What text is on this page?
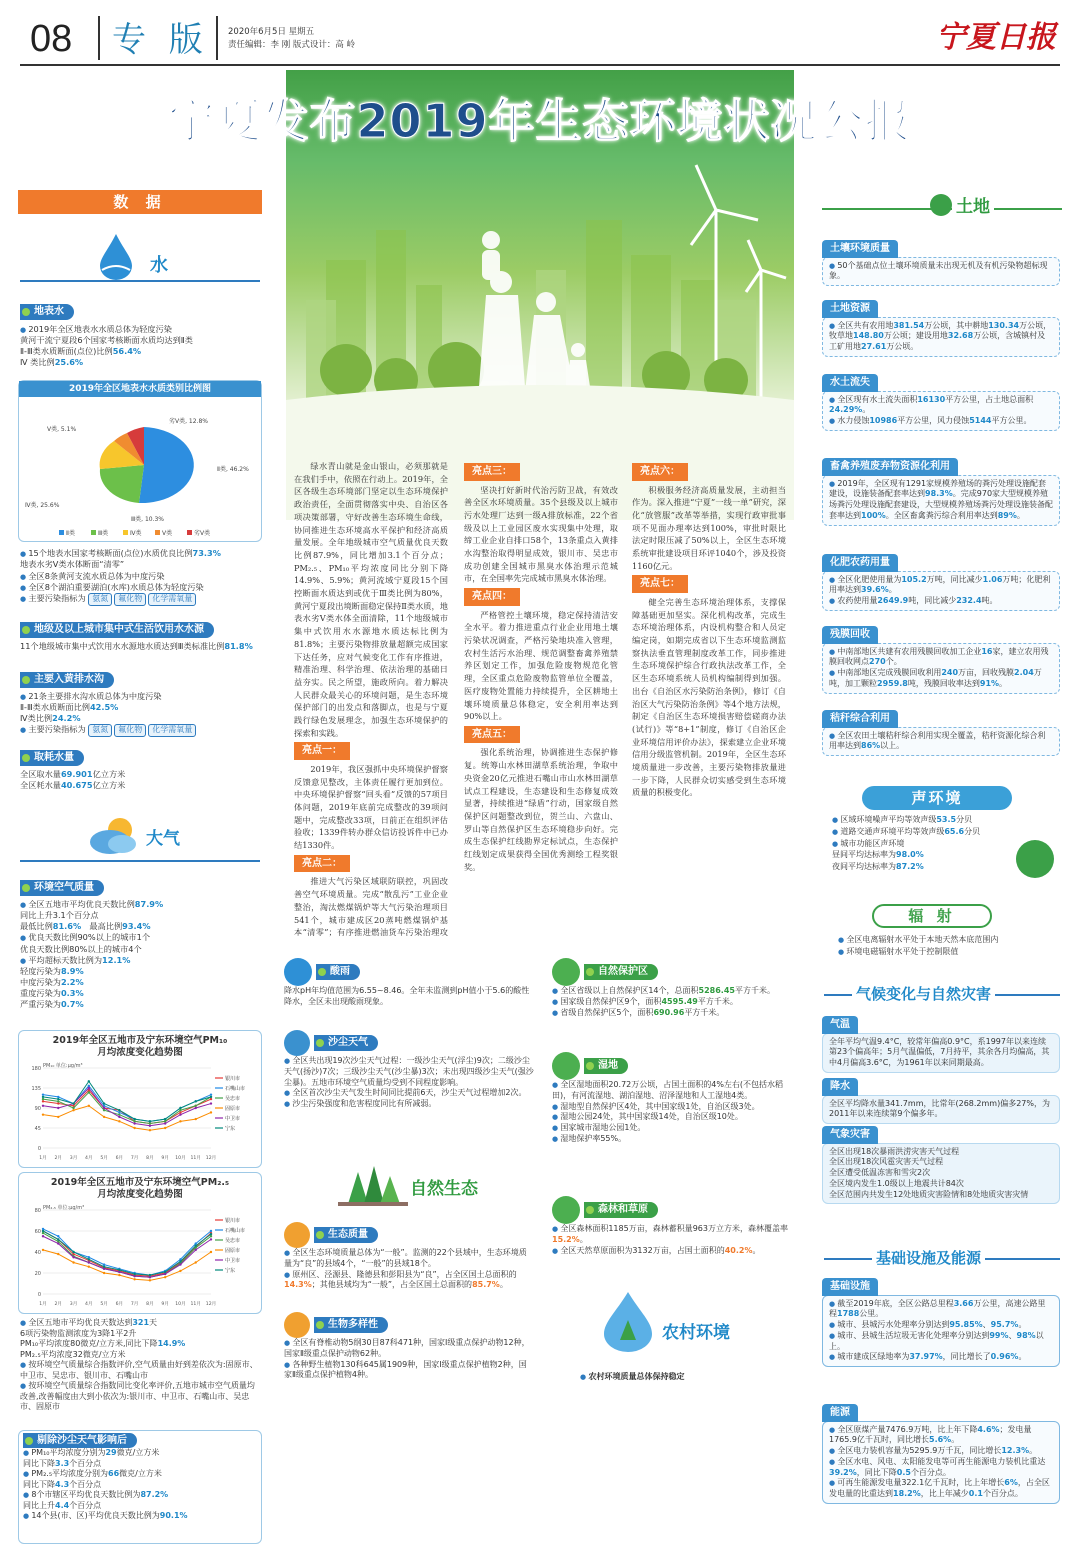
08 专 版 2020年6月5日 星期五
责任编辑：李 刚 版式设计：高 岭	宁夏日报
宁夏发布2019年生态环境状况公报
数 据
水
地表水
● 2019年全区地表水水质总体为轻度污染
黄河干流宁夏段6个国家考核断面水质均达到Ⅱ类
Ⅱ-Ⅲ类水质断面(点位)比例56.4%
Ⅳ 类比例25.6%
2019年全区地表水水质类别比例图
Ⅱ类, 46.2%
Ⅳ类, 25.6%
Ⅲ类, 10.3%
Ⅴ类, 5.1%
劣Ⅴ类, 12.8%
Ⅱ类	Ⅲ类	Ⅳ类	Ⅴ类	劣Ⅴ类
● 15个地表水国家考核断面(点位)水质优良比例73.3%
地表水劣Ⅴ类水体断面“清零”
● 全区8条黄河支流水质总体为中度污染
● 全区8个湖泊重要湖泊(水库)水质总体为轻度污染
● 主要污染指标为 氨氮 氟化物 化学需氧量
地级及以上城市集中式生活饮用水水源
11个地级城市集中式饮用水水源地水质达到Ⅲ类标准比例81.8%
主要入黄排水沟
● 21条主要排水沟水质总体为中度污染
Ⅱ-Ⅲ类水质断面比例42.5%
Ⅳ类比例24.2%
● 主要污染指标为 氨氮 氟化物 化学需氧量
取耗水量
全区取水量69.901亿立方米
全区耗水量40.675亿立方米
大气
环境空气质量
● 全区五地市平均优良天数比例87.9%
同比上升3.1个百分点
最低比例81.6%　 最高比例93.4%
● 优良天数比例90%以上的城市1个
优良天数比例80%以上的城市4个
● 平均超标天数比例为12.1%
轻度污染为8.9%
中度污染为2.2%
重度污染为0.3%
严重污染为0.7%
2019年全区五地市及宁东环境空气PM₁₀
月均浓度变化趋势图
PM₁₀ 单位:μg/m³
0
45
90
135
180
1月 2月 3月 4月 5月 6月 7月 8月 9月 10月 11月 12月
银川市
石嘴山市
吴忠市
固原市
中卫市
宁东
2019年全区五地市及宁东环境空气PM₂.₅
月均浓度变化趋势图
PM₂.₅ 单位:μg/m³
0
20
40
60
80
1月 2月 3月 4月 5月 6月 7月 8月 9月 10月 11月 12月
银川市
石嘴山市
吴忠市
固原市
中卫市
宁东
● 全区五地市平均优良天数达到321天
6项污染物监测浓度为3降1平2升
PM₁₀平均浓度80微克/立方米,同比下降14.9%
PM₂.₅平均浓度32微克/立方米
● 按环境空气质量综合指数评价,空气质量由好到差依次为:固原市、中卫市、吴忠市、银川市、石嘴山市
● 按环境空气质量综合指数同比变化率评价,五地市城市空气质量均改善,改善幅度由大到小依次为:银川市、中卫市、石嘴山市、吴忠市、固原市
剔除沙尘天气影响后
● PM₁₀平均浓度分别为29微克/立方米
同比下降3.3个百分点
● PM₂.₅平均浓度分别为66微克/立方米
同比下降4.3个百分点
● 8个市辖区平均优良天数比例为87.2%
同比上升4.4个百分点
● 14个县(市、区)平均优良天数比例为90.1%
绿水青山就是金山银山，必须那就是在我们手中，依照在行动上。2019年，全区各级生态环境部门坚定以生态环境保护政治责任，全面贯彻落实中央、自治区各项决策部署，守好改善生态环境生命线，协同推进生态环境高水平保护和经济高质量发展。全年地级城市空气质量优良天数比例87.9%，同比增加3.1个百分点；PM₂.₅、PM₁₀平均浓度同比分别下降14.9%、5.9%；黄河流域宁夏段15个国控断面水质达到或优于Ⅲ类比例为80%，黄河宁夏段出境断面稳定保持Ⅱ类水质，地表水劣Ⅴ类水体全面清除，11个地级城市集中式饮用水水源地水质达标比例为81.8%；主要污染物排放量超额完成国家下达任务，应对气候变化工作有序推进，精准治理、科学治理、依法治理的基础日益夯实。民之所望，施政所向。着力解决人民群众最关心的环境问题，是生态环境保护部门的出发点和落脚点，也是与宁夏践行绿色发展理念，加强生态环境保护的探索和实践。
亮点一：
2019年，我区强抓中央环境保护督察反馈意见整改，主体责任履行更加到位。中央环境保护督察“回头看”反馈的57项目体问题，2019年底前完成整改的39项问题中，完成整改33项，日前正在组织评估验收；1339件转办群众信访投诉件中已办结1330件。
亮点二：
推进大气污染区域联防联控，巩固改善空气环境质量。完成“散乱污”工业企业整治，淘汰燃煤锅炉等大气污染治理项目541个，城市建成区20蒸吨燃煤锅炉基本“清零”；有序推进燃油货车污染治理攻
亮点三：
坚决打好新时代治污防卫战，有效改善全区水环境质量。35个县级及以上城市污水处理厂达到一级A排放标准，22个省级及以上工业园区废水实现集中处理，取缔工业企业自排口58个，13条重点入黄排水沟整治取得明显成效，银川市、吴忠市成功创建全国城市黑臭水体治理示范城市，在全国率先完成城市黑臭水体治理。
亮点四：
严格管控土壤环境，稳定保持清洁安全水平。着力推进重点行业企业用地土壤污染状况调查，严格污染地块准入管理，农村生活污水治理、规范调整畜禽养殖禁养区划定工作，加强危险废物规范化管理，全区重点危险废物监管单位全覆盖，医疗废物处置能力持续提升，全区耕地土壤环境质量总体稳定，安全利用率达到90%以上。
亮点五：
强化系统治理，协调推进生态保护修复。统筹山水林田湖草系统治理，争取中央资金20亿元推进石嘴山市山水林田湖草试点工程建设，生态建设和生态修复成效显著，持续推进“绿盾”行动，国家级自然保护区问题整改到位，贺兰山、六盘山、罗山等自然保护区生态环境稳步向好。完成生态保护红线勘界定标试点，生态保护红线划定成果获得全国优秀测绘工程奖银奖。
亮点六：
积极服务经济高质量发展，主动担当作为。深入推进“宁夏”一线一单”研究，深化“放管服”改革等举措，实现行政审批事项不见面办理率达到100%，审批时限比法定时限压减了50%以上，全区生态环境系统审批建设项目环评1040个，涉及投资1160亿元。
亮点七：
健全完善生态环境治理体系，支撑保障基础更加坚实。深化机构改革，完成生态环境治理体系，内设机构整合和人员定编定岗，如期完成省以下生态环境监测监察执法垂直管理制度改革工作，同步推进生态环境保护综合行政执法改革工作，全区生态环境系统人员机构编制得到加强。出台《自治区水污染防治条例》，修订《自治区大气污染防治条例》等4个地方法规，制定《自治区生态环境损害赔偿磋商办法(试行)》等“8+1”制度，修订《自治区企业环境信用评价办法》，探索建立企业环境信用分级监管机制。2019年，全区生态环境质量进一步改善，主要污染物排放量进一步下降，人民群众切实感受到生态环境质量的积极变化。
酸雨
降水pH年均值范围为6.55~8.46。全年未监测到pH值小于5.6的酸性降水，全区未出现酸雨现象。
沙尘天气
● 全区共出现19次沙尘天气过程：一级沙尘天气(浮尘)9次；二级沙尘天气(扬沙)7次；三级沙尘天气(沙尘暴)3次；未出现四级沙尘天气(强沙尘暴)。五地市环境空气质量均受到不同程度影响。
● 全区首次沙尘天气发生时间同比提前6天，沙尘天气过程增加2次。
● 沙尘污染强度和危害程度同比有所减弱。
自然生态
生态质量
● 全区生态环境质量总体为“一般”。监测的22个县域中，生态环境质量为“良”的县域4个，“一般”的县域18个。
● 原州区、泾源县、隆德县和彭阳县为“良”，占全区国土总面积的14.3%；其他县域均为“一般”，占全区国土总面积的85.7%。
生物多样性
● 全区有脊椎动物5纲30目87科471种，国家Ⅰ级重点保护动物12种，国家Ⅱ级重点保护动物62种。
● 各种野生植物130科645属1909种，国家Ⅰ级重点保护植物2种，国家Ⅱ级重点保护植物4种。
自然保护区
● 全区省级以上自然保护区14个，总面积5286.45平方千米。
● 国家级自然保护区9个，面积4595.49平方千米。
● 省级自然保护区5个，面积690.96平方千米。
湿地
● 全区湿地面积20.72万公顷，占国土面积的4%左右(不包括水稻田)，有河流湿地、湖泊湿地、沼泽湿地和人工湿地4类。
● 湿地型自然保护区4处，其中国家级1处，自治区级3处。
● 湿地公园24处，其中国家级14处，自治区级10处。
● 国家城市湿地公园1处。
● 湿地保护率55%。
森林和草原
● 全区森林面积1185万亩，森林蓄积量963万立方米，森林覆盖率15.2%。
● 全区天然草原面积为3132万亩，占国土面积的40.2%。
农村环境
● 农村环境质量总体保持稳定
土地
土壤环境质量
● 50个基础点位土壤环境质量未出现无机及有机污染物超标现象。
土地资源
● 全区共有农用地381.54万公顷，其中耕地130.34万公顷，牧草地148.80万公顷；建设用地32.68万公顷，含城镇村及工矿用地27.61万公顷。
水土流失
● 全区现有水土流失面积16130平方公里，占土地总面积24.29%。
● 水力侵蚀10986平方公里，风力侵蚀5144平方公里。
畜禽养殖废弃物资源化利用
● 2019年，全区现有1291家规模养殖场的粪污处理设施配套建设，设施装备配套率达到98.3%。完成970家大型规模养殖场粪污处理设施配套建设，大型规模养殖场粪污处理设施装备配套率达到100%。全区畜禽粪污综合利用率达到89%。
化肥农药用量
● 全区化肥使用量为105.2万吨，同比减少1.06万吨；化肥利用率达到39.6%。
● 农药使用量2649.9吨，同比减少232.4吨。
残膜回收
● 中南部地区共建有农用残膜回收加工企业16家，建立农用残膜回收网点270个。
● 中南部地区完成残膜回收利用240万亩，回收残膜2.04万吨，加工颗粒2959.8吨，残膜回收率达到91%。
秸秆综合利用
● 全区农田土壤秸秆综合利用实现全覆盖，秸秆资源化综合利用率达到86%以上。
声环境
● 区域环境噪声平均等效声级53.5分贝
● 道路交通声环境平均等效声级65.6分贝
● 城市功能区声环境
昼间平均达标率为98.0%
夜间平均达标率为87.2%
辐 射
● 全区电离辐射水平处于本地天然本底范围内
● 环境电磁辐射水平处于控制限值
气候变化与自然灾害
气温
全年平均气温9.4°C，较常年偏高0.9°C，系1997年以来连续第23个偏高年；5月气温偏低，7月持平，其余各月均偏高，其中4月偏高3.6°C，为1961年以来同期最高。
降水
全区平均降水量341.7mm，比常年(268.2mm)偏多27%，为2011年以来连续第9个偏多年。
气象灾害
全区出现18次暴雨洪涝灾害天气过程
全区出现18次风雹灾害天气过程
全区遭受低温冻害和雪灾2次
全区境内发生1.0级以上地震共计84次
全区范围内共发生12处地质灾害险情和8处地质灾害灾情
基础设施及能源
基础设施
● 截至2019年底，全区公路总里程3.66万公里，高速公路里程1788公里。
● 城市、县城污水处理率分别达到95.85%、95.7%。
● 城市、县城生活垃圾无害化处理率分别达到99%、98%以上。
● 城市建成区绿地率为37.97%，同比增长了0.96%。
能源
● 全区原煤产量7476.9万吨，比上年下降4.6%；发电量1765.9亿千瓦时，同比增长5.6%。
● 全区电力装机容量为5295.9万千瓦，同比增长12.3%。
● 全区水电、风电、太阳能发电等可再生能源电力装机比重达39.2%，同比下降0.5个百分点。
● 可再生能源发电量322.1亿千瓦时，比上年增长6%，占全区发电量的比重达到18.2%，比上年减少0.1个百分点。
